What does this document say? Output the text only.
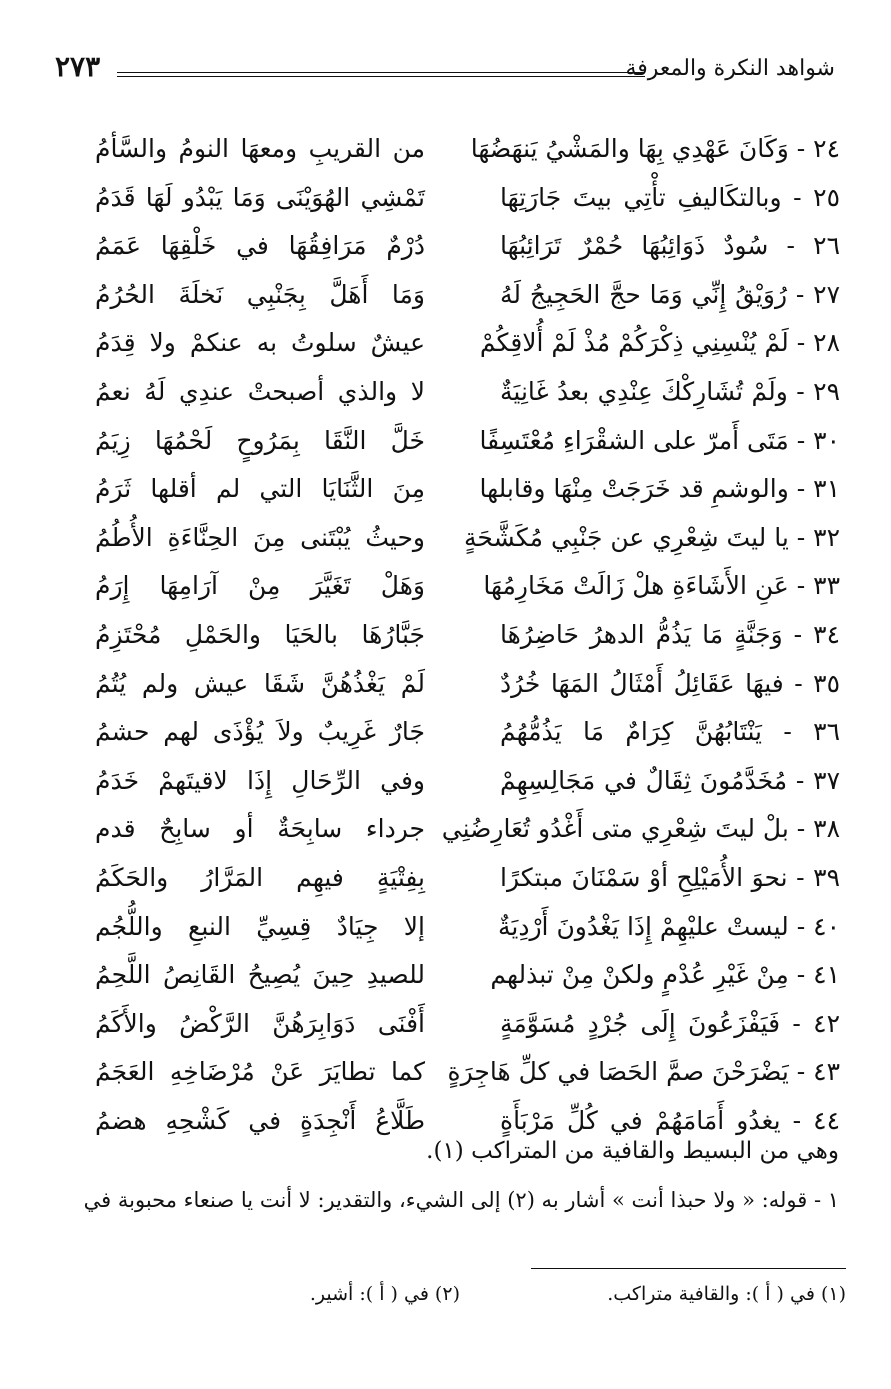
شواهد النكرة والمعرفة
٢٧٣
٢٤ - وَكَانَ عَهْدِي بِهَا والمَشْيُ يَنهَضُهَا
من القريبِ ومعهَا النومُ والسَّأمُ
٢٥ - وبالتكَاليفِ تأْتِي بيتَ جَارَتِهَا
تَمْشِي الهُوَيْنَى وَمَا يَبْدُو لَهَا قَدَمُ
٢٦ - سُودٌ ذَوَائِبُهَا حُمْرٌ تَرَائِبُهَا
دُرْمٌ مَرَافِقُهَا في خَلْقِهَا عَمَمُ
٢٧ - رُوَيْقُ إِنِّي وَمَا حجَّ الحَجِيجُ لَهُ
وَمَا أَهَلَّ بِجَنْبِي نَخلَةَ الحُرُمُ
٢٨ - لَمْ يُنْسِنِي ذِكْرَكُمْ مُذْ لَمْ أُلاقِكُمْ
عيشٌ سلوتُ به عنكمْ ولا قِدَمُ
٢٩ - ولَمْ تُشَارِكْكَ عِنْدِي بعدُ غَانِيَةٌ
لا والذي أصبحتْ عندِي لَهُ نعمُ
٣٠ - مَتَى أَمرّ على الشقْرَاءِ مُعْتَسِفًا
خَلَّ النَّقَا بِمَرُوحٍ لَحْمُهَا زِيَمُ
٣١ - والوشمِ قد خَرَجَتْ مِنْهَا وقابلها
مِنَ الثَّنَايَا التي لم أقلها ثَرَمُ
٣٢ - يا ليتَ شِعْرِي عن جَنْبِي مُكَشَّحَةٍ
وحيثُ يُبْتَنى مِنَ الحِنَّاءَةِ الأُطُمُ
٣٣ - عَنِ الأَشَاءَةِ هلْ زَالَتْ مَخَارِمُهَا
وَهَلْ تَغَيَّرَ مِنْ آرَامِهَا إِرَمُ
٣٤ - وَجَنَّةٍ مَا يَذُمُّ الدهرُ حَاضِرُهَا
جَبَّارُهَا بالحَيَا والحَمْلِ مُحْتَزِمُ
٣٥ - فيهَا عَقَائِلُ أَمْثَالُ المَهَا خُرُدٌ
لَمْ يَغْذُهُنَّ شَقَا عيش ولم يُتُمُ
٣٦ - يَنْتَابُهُنَّ كِرَامٌ مَا يَذُمُّهُمُ
جَارٌ غَرِيبٌ ولاَ يُؤْذَى لهم حشمُ
٣٧ - مُخَدَّمُونَ ثِقَالٌ في مَجَالِسِهِمْ
وفي الرِّحَالِ إِذَا لاقيتَهمْ خَدَمُ
٣٨ - بلْ ليتَ شِعْرِي متى أَغْدُو تُعَارِضُنِي
جرداء سابِحَةٌ أو سابِحٌ قدم
٣٩ - نحوَ الأُمَيْلِحِ أوْ سَمْنَانَ مبتكرًا
بِفِتْيَةٍ فيهِم المَرَّارُ والحَكَمُ
٤٠ - ليستْ عليْهِمْ إِذَا يَغْدُونَ أَرْدِيَةٌ
إلا جِيَادٌ قِسِيِّ النبعِ واللُّجُم
٤١ - مِنْ غَيْرِ عُدْمٍ ولكنْ مِنْ تبذلهم
للصيدِ حِينَ يُصِيحُ القَانِصُ اللَّحِمُ
٤٢ - فَيَفْزَعُونَ إِلَى جُرْدٍ مُسَوَّمَةٍ
أَفْنَى دَوَابِرَهُنَّ الرَّكْضُ والأَكَمُ
٤٣ - يَضْرَحْنَ صمَّ الحَصَا في كلِّ هَاجِرَةٍ
كما تطايَرَ عَنْ مُرْضَاخِهِ العَجَمُ
٤٤ - يغدُو أَمَامَهُمْ في كُلِّ مَرْبَأَةٍ
طَلَّاعُ أَنْجِدَةٍ في كَشْحِهِ هضمُ
وهي من البسيط والقافية من المتراكب (١).
١ - قوله: « ولا حبذا أنت » أشار به (٢) إلى الشيء، والتقدير: لا أنت يا صنعاء محبوبة في
(١) في ( أ ): والقافية متراكب.
(٢) في ( أ ): أشير.
